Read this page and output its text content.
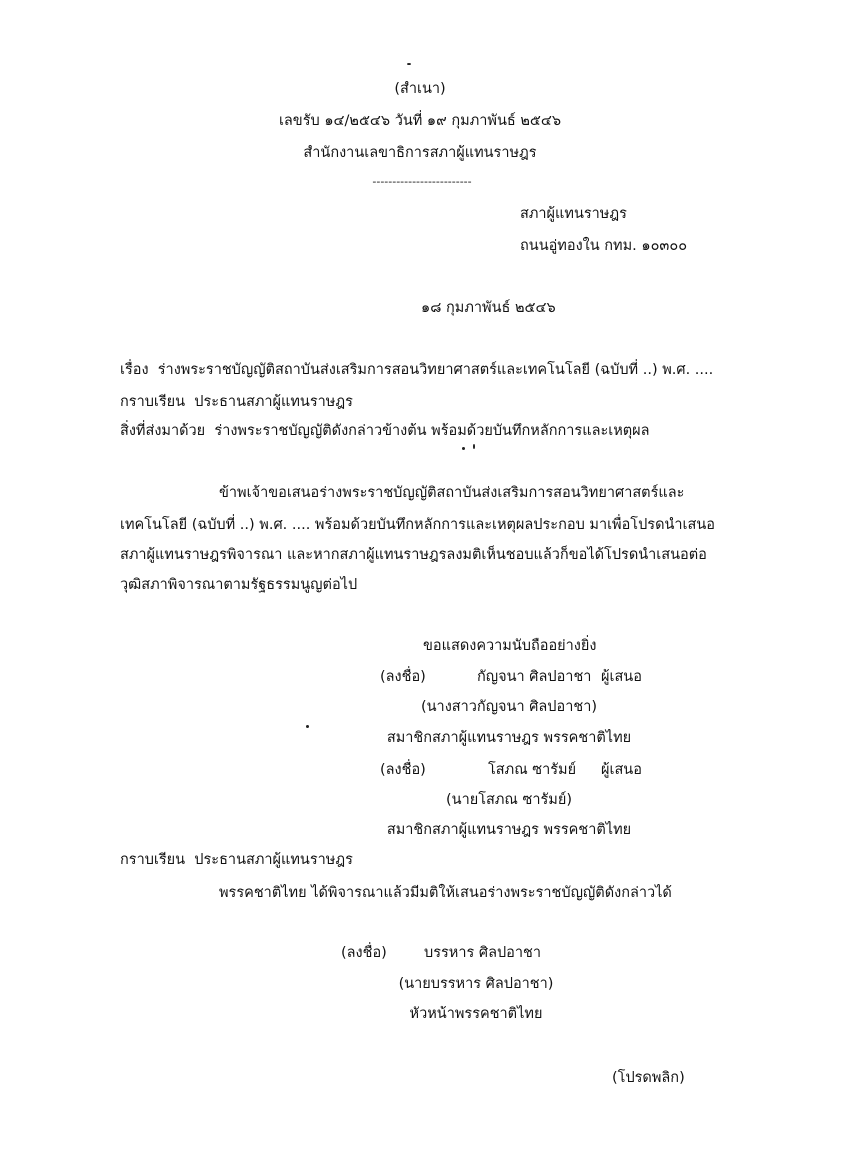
(สำเนา)
เลขรับ ๑๔/๒๕๔๖ วันที่ ๑๙ กุมภาพันธ์ ๒๕๔๖
สำนักงานเลขาธิการสภาผู้แทนราษฎร
-------------------------
สภาผู้แทนราษฎร
ถนนอู่ทองใน กทม. ๑๐๓๐๐
๑๘ กุมภาพันธ์ ๒๕๔๖
เรื่อง ร่างพระราชบัญญัติสถาบันส่งเสริมการสอนวิทยาศาสตร์และเทคโนโลยี (ฉบับที่ ..) พ.ศ. ....
กราบเรียน ประธานสภาผู้แทนราษฎร
สิ่งที่ส่งมาด้วย ร่างพระราชบัญญัติดังกล่าวข้างต้น พร้อมด้วยบันทึกหลักการและเหตุผล
ข้าพเจ้าขอเสนอร่างพระราชบัญญัติสถาบันส่งเสริมการสอนวิทยาศาสตร์และ
เทคโนโลยี (ฉบับที่ ..) พ.ศ. .... พร้อมด้วยบันทึกหลักการและเหตุผลประกอบ มาเพื่อโปรดนำเสนอ
สภาผู้แทนราษฎรพิจารณา และหากสภาผู้แทนราษฎรลงมติเห็นชอบแล้วก็ขอได้โปรดนำเสนอต่อ
วุฒิสภาพิจารณาตามรัฐธรรมนูญต่อไป
ขอแสดงความนับถืออย่างยิ่ง
(ลงชื่อ)	กัญจนา ศิลปอาชา ผู้เสนอ
(นางสาวกัญจนา ศิลปอาชา)
สมาชิกสภาผู้แทนราษฎร พรรคชาติไทย
(ลงชื่อ)	โสภณ ซารัมย์ ผู้เสนอ
(นายโสภณ ซารัมย์)
สมาชิกสภาผู้แทนราษฎร พรรคชาติไทย
กราบเรียน ประธานสภาผู้แทนราษฎร
พรรคชาติไทย ได้พิจารณาแล้วมีมติให้เสนอร่างพระราชบัญญัติดังกล่าวได้
(ลงชื่อ)	บรรหาร ศิลปอาชา
(นายบรรหาร ศิลปอาชา)
หัวหน้าพรรคชาติไทย
(โปรดพลิก)
